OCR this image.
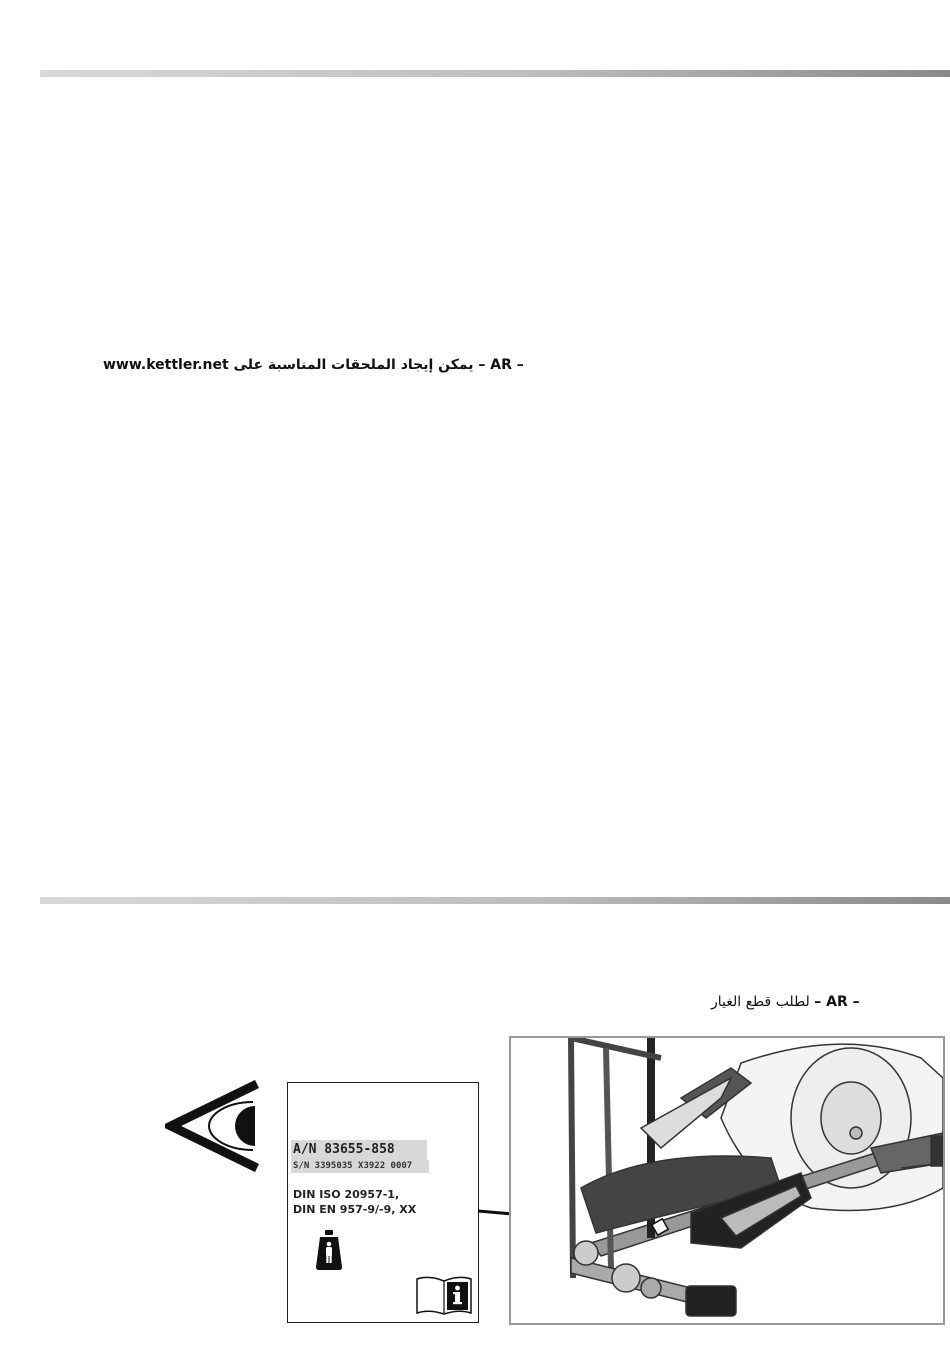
www.kettler.net يمكن إيجاد الملحقات المناسبة على – AR –
لطلب قطع الغيار – AR –
A/N 83655-858
S/N 3395035 X3922 0007
DIN ISO 20957-1,
DIN EN 957-9/-9, XX
